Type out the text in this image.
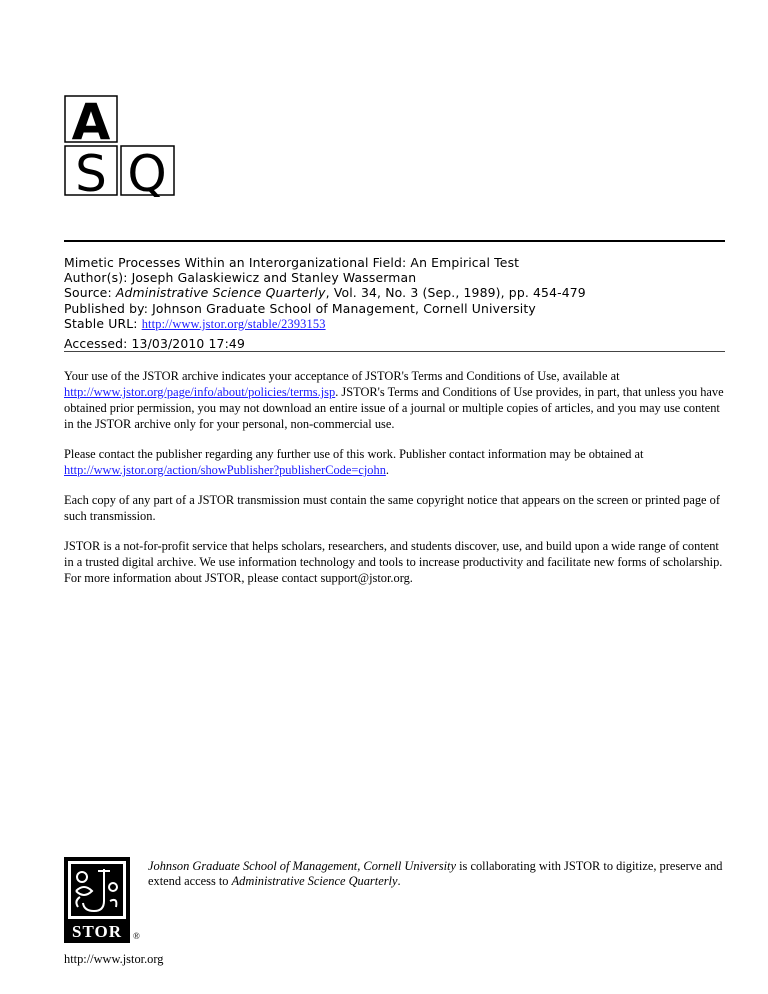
A
S Q
Mimetic Processes Within an Interorganizational Field: An Empirical Test
Author(s): Joseph Galaskiewicz and Stanley Wasserman
Source: Administrative Science Quarterly, Vol. 34, No. 3 (Sep., 1989), pp. 454-479
Published by: Johnson Graduate School of Management, Cornell University
Stable URL: http://www.jstor.org/stable/2393153
Accessed: 13/03/2010 17:49

Your use of the JSTOR archive indicates your acceptance of JSTOR's Terms and Conditions of Use, available at http://www.jstor.org/page/info/about/policies/terms.jsp. JSTOR's Terms and Conditions of Use provides, in part, that unless you have obtained prior permission, you may not download an entire issue of a journal or multiple copies of articles, and you may use content in the JSTOR archive only for your personal, non-commercial use.

Please contact the publisher regarding any further use of this work. Publisher contact information may be obtained at http://www.jstor.org/action/showPublisher?publisherCode=cjohn.

Each copy of any part of a JSTOR transmission must contain the same copyright notice that appears on the screen or printed page of such transmission.

JSTOR is a not-for-profit service that helps scholars, researchers, and students discover, use, and build upon a wide range of content in a trusted digital archive. We use information technology and tools to increase productivity and facilitate new forms of scholarship. For more information about JSTOR, please contact support@jstor.org.

STOR ®
Johnson Graduate School of Management, Cornell University is collaborating with JSTOR to digitize, preserve and extend access to Administrative Science Quarterly.
http://www.jstor.org
